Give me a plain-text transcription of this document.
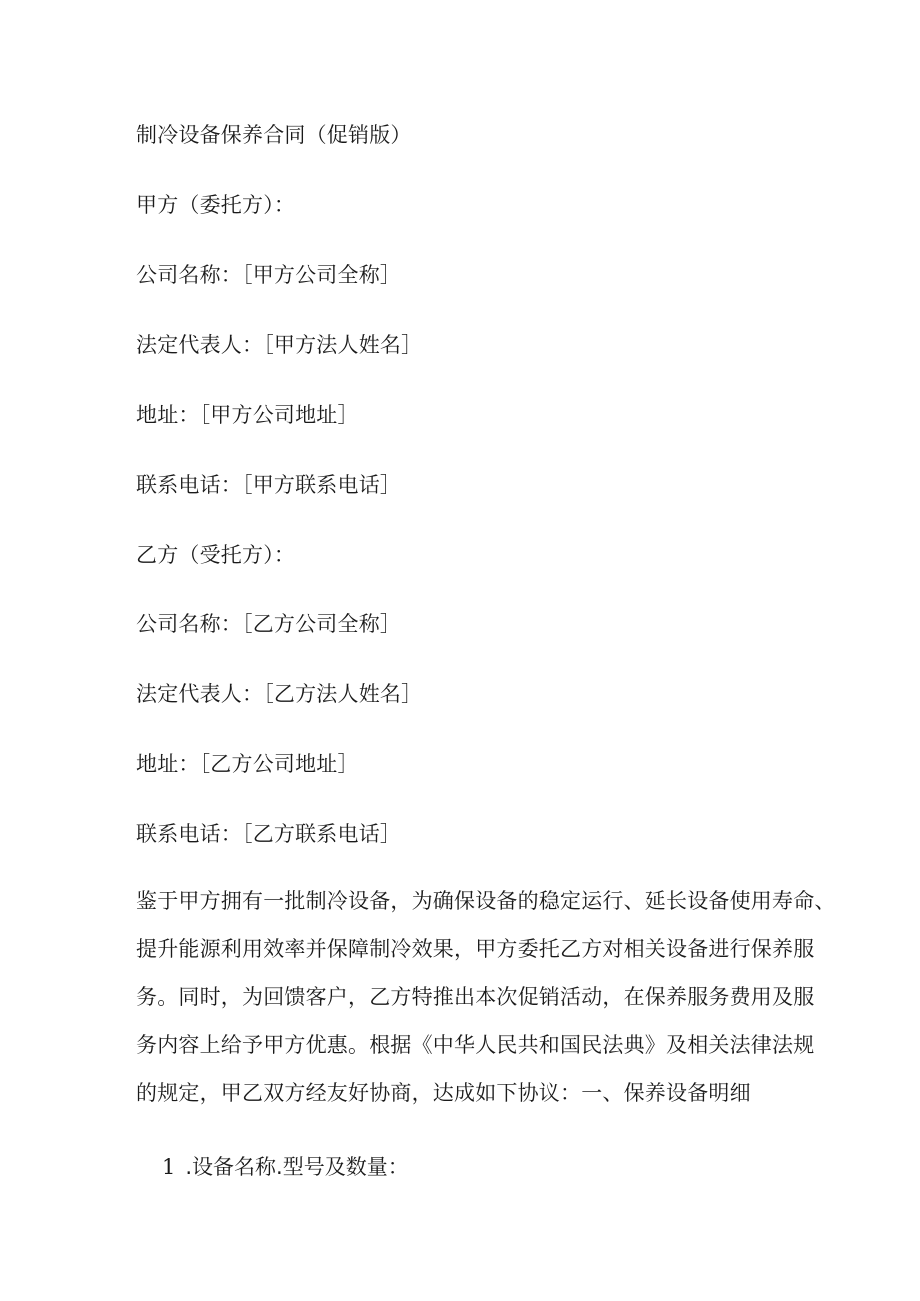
制冷设备保养合同（促销版）
甲方（委托方）：
公司名称：［甲方公司全称］
法定代表人：［甲方法人姓名］
地址：［甲方公司地址］
联系电话：［甲方联系电话］
乙方（受托方）：
公司名称：［乙方公司全称］
法定代表人：［乙方法人姓名］
地址：［乙方公司地址］
联系电话：［乙方联系电话］
鉴于甲方拥有一批制冷设备，为确保设备的稳定运行、延长设备使用寿命、
提升能源利用效率并保障制冷效果，甲方委托乙方对相关设备进行保养服
务。同时，为回馈客户，乙方特推出本次促销活动，在保养服务费用及服
务内容上给予甲方优惠。根据《中华人民共和国民法典》及相关法律法规
的规定，甲乙双方经友好协商，达成如下协议：一、保养设备明细
1 .设备名称.型号及数量：
